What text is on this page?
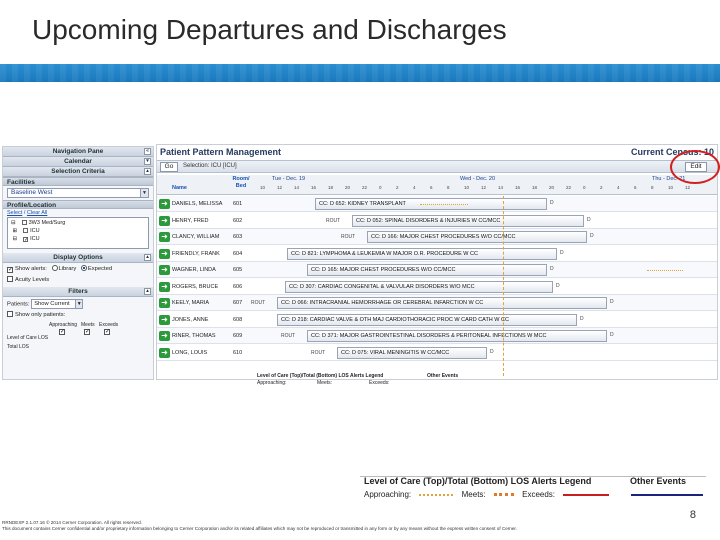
Upcoming Departures and Discharges
Navigation Pane	«
Calendar	▾
Selection Criteria	▴
Facilities
Baseline West	▼
Profile/Location
Select / Clear All
⊟ 3W3 Med/Surg
⊞ ICU
⊟✓ ICU
Display Options	▴
✓ Show alerts: Library Expected
Acuity Levels
Filters	▴
Patients: Show Current	▼
Show only patients:
Approaching Meets Exceeds
Level of Care LOS
Total LOS
✓	✓ ✓
Patient Pattern Management	Current Census: 10
Go	Selection: ICU [ICU]	Edit
Name
Room/ Bed
Tue - Dec. 19	Wed - Dec. 20	Thu - Dec. 21
10	12	14	16	18	20	22	0	2	4	6	8	10	12	14	16	18	20	22	0	2	4	6	8	10	12
➜ DANIELS, MELISSA 601	CC: D 652: KIDNEY TRANSPLANT	D
➜ HENRY, FRED	602	ROUT	CC: D 052: SPINAL DISORDERS & INJURIES W CC/MCC	D
➜ CLANCY, WILLIAM 603	ROUT	CC: D 166: MAJOR CHEST PROCEDURES W/O CC/MCC	D
➜ FRIENDLY, FRANK 604	CC: D 821: LYMPHOMA & LEUKEMIA W MAJOR O.R. PROCEDURE W CC	D
➜ WAGNER, LINDA	605	CC: D 165: MAJOR CHEST PROCEDURES W/O CC/MCC	D
➜ ROGERS, BRUCE	606	CC: D 307: CARDIAC CONGENITAL & VALVULAR DISORDERS W/O MCC	D
➜ KEELY, MARIA	607 ROUT	CC: D 066: INTRACRANIAL HEMORRHAGE OR CEREBRAL INFARCTION W CC	D
➜ JONES, ANNE	608	CC: D 218: CARDIAC VALVE & OTH MAJ CARDIOTHORACIC PROC W CARD CATH W CC	D
➜ RINER, THOMAS	609	ROUT	CC: D 371: MAJOR GASTROINTESTINAL DISORDERS & PERITONEAL INFECTIONS W MCC	D
➜ LONG, LOUIS	610	ROUT	CC: D 075: VIRAL MENINGITIS W CC/MCC	D
Level of Care (Top)/Total (Bottom) LOS Alerts Legend	Other Events
Approaching:	Meets:	Exceeds:
Level of Care (Top)/Total (Bottom) LOS Alerts Legend	Other Events
Approaching:	Meets:	Exceeds:
8
RRNDEXP 2.1.07.16 © 2014 Cerner Corporation. All rights reserved.
This document contains Cerner confidential and/or proprietary information belonging to Cerner Corporation and/or its related affiliates which may not be reproduced or transmitted in any form or by any means without the express written consent of Cerner.
